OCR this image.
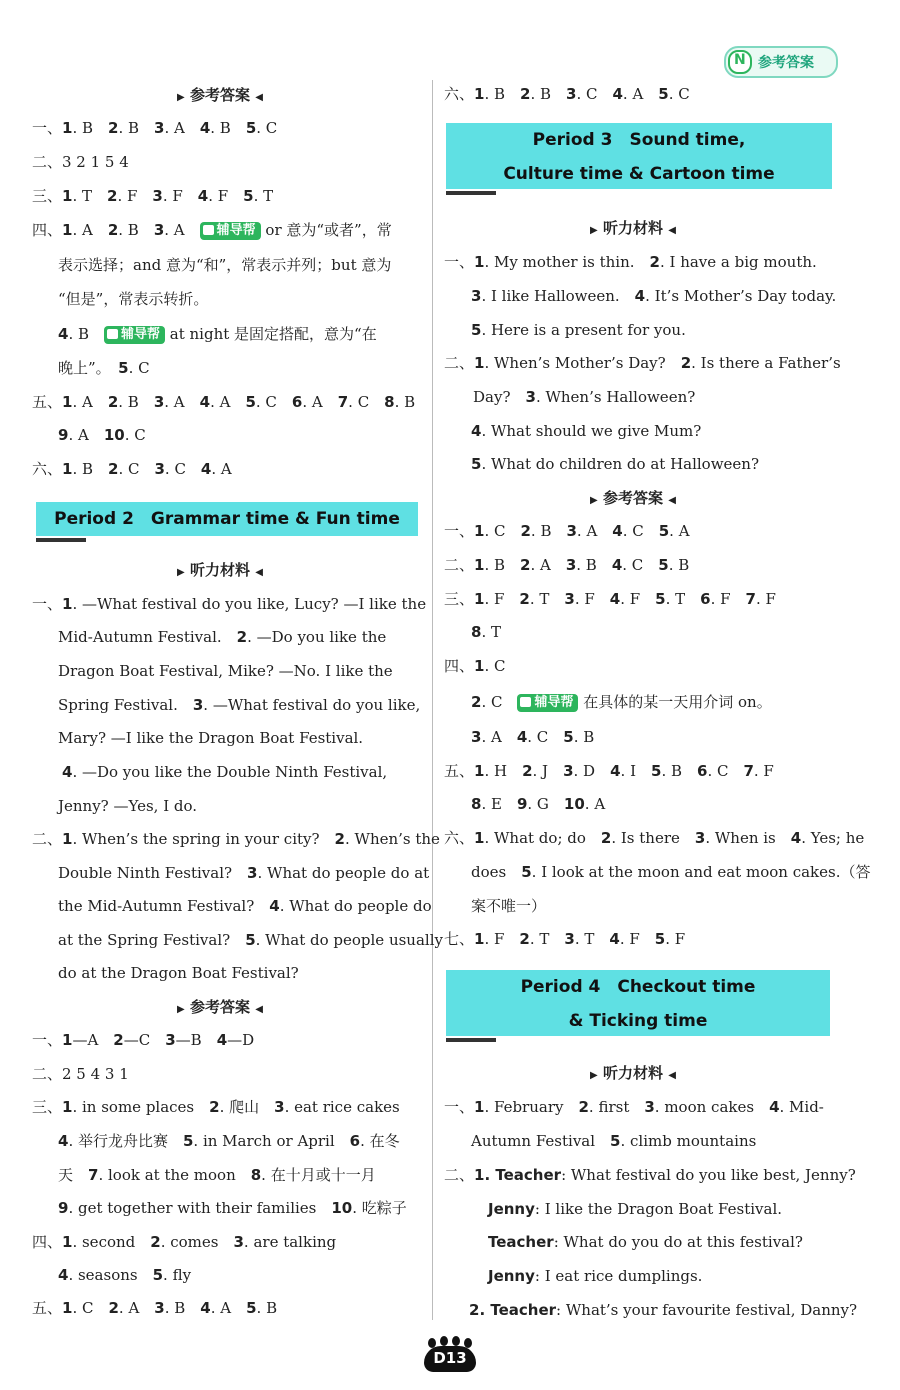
N 参考答案
▶ 参考答案 ◀
一、1. B　2. B　3. A　4. B　5. C
二、3 2 1 5 4
三、1. T　2. F　3. F　4. F　5. T
四、1. A　2. B　3. A　辅导帮 or 意为“或者”，常
表示选择；and 意为“和”，常表示并列；but 意为
“但是”，常表示转折。
4. B　辅导帮 at night 是固定搭配，意为“在
晚上”。　5. C
五、1. A　2. B　3. A　4. A　5. C　6. A　7. C　8. B
9. A　10. C
六、1. B　2. C　3. C　4. A
Period 2　Grammar time & Fun time
▶ 听力材料 ◀
一、1. —What festival do you like, Lucy? —I like the
Mid-Autumn Festival.　2. —Do you like the
Dragon Boat Festival, Mike? —No. I like the
Spring Festival.　3. —What festival do you like,
Mary? —I like the Dragon Boat Festival.
4. —Do you like the Double Ninth Festival,
Jenny? —Yes, I do.
二、1. When’s the spring in your city?　2. When’s the
Double Ninth Festival?　3. What do people do at
the Mid-Autumn Festival?　4. What do people do
at the Spring Festival?　5. What do people usually
do at the Dragon Boat Festival?
▶ 参考答案 ◀
一、1—A　2—C　3—B　4—D
二、2 5 4 3 1
三、1. in some places　2. 爬山　3. eat rice cakes
4. 举行龙舟比赛　5. in March or April　6. 在冬
天　7. look at the moon　8. 在十月或十一月
9. get together with their families　10. 吃粽子
四、1. second　2. comes　3. are talking
4. seasons　5. fly
五、1. C　2. A　3. B　4. A　5. B
六、1. B　2. B　3. C　4. A　5. C
Period 3　Sound time,
Culture time & Cartoon time
▶ 听力材料 ◀
一、1. My mother is thin.　2. I have a big mouth.
3. I like Halloween.　4. It’s Mother’s Day today.
5. Here is a present for you.
二、1. When’s Mother’s Day?　2. Is there a Father’s
Day?　3. When’s Halloween?
4. What should we give Mum?
5. What do children do at Halloween?
▶ 参考答案 ◀
一、1. C　2. B　3. A　4. C　5. A
二、1. B　2. A　3. B　4. C　5. B
三、1. F　2. T　3. F　4. F　5. T　6. F　7. F
8. T
四、1. C
2. C　辅导帮 在具体的某一天用介词 on。
3. A　4. C　5. B
五、1. H　2. J　3. D　4. I　5. B　6. C　7. F
8. E　9. G　10. A
六、1. What do; do　2. Is there　3. When is　4. Yes; he
does　5. I look at the moon and eat moon cakes.（答
案不唯一）
七、1. F　2. T　3. T　4. F　5. F
Period 4　Checkout time
& Ticking time
▶ 听力材料 ◀
一、1. February　2. first　3. moon cakes　4. Mid-
Autumn Festival　5. climb mountains
二、1. Teacher: What festival do you like best, Jenny?
Jenny: I like the Dragon Boat Festival.
Teacher: What do you do at this festival?
Jenny: I eat rice dumplings.
2. Teacher: What’s your favourite festival, Danny?
D13
